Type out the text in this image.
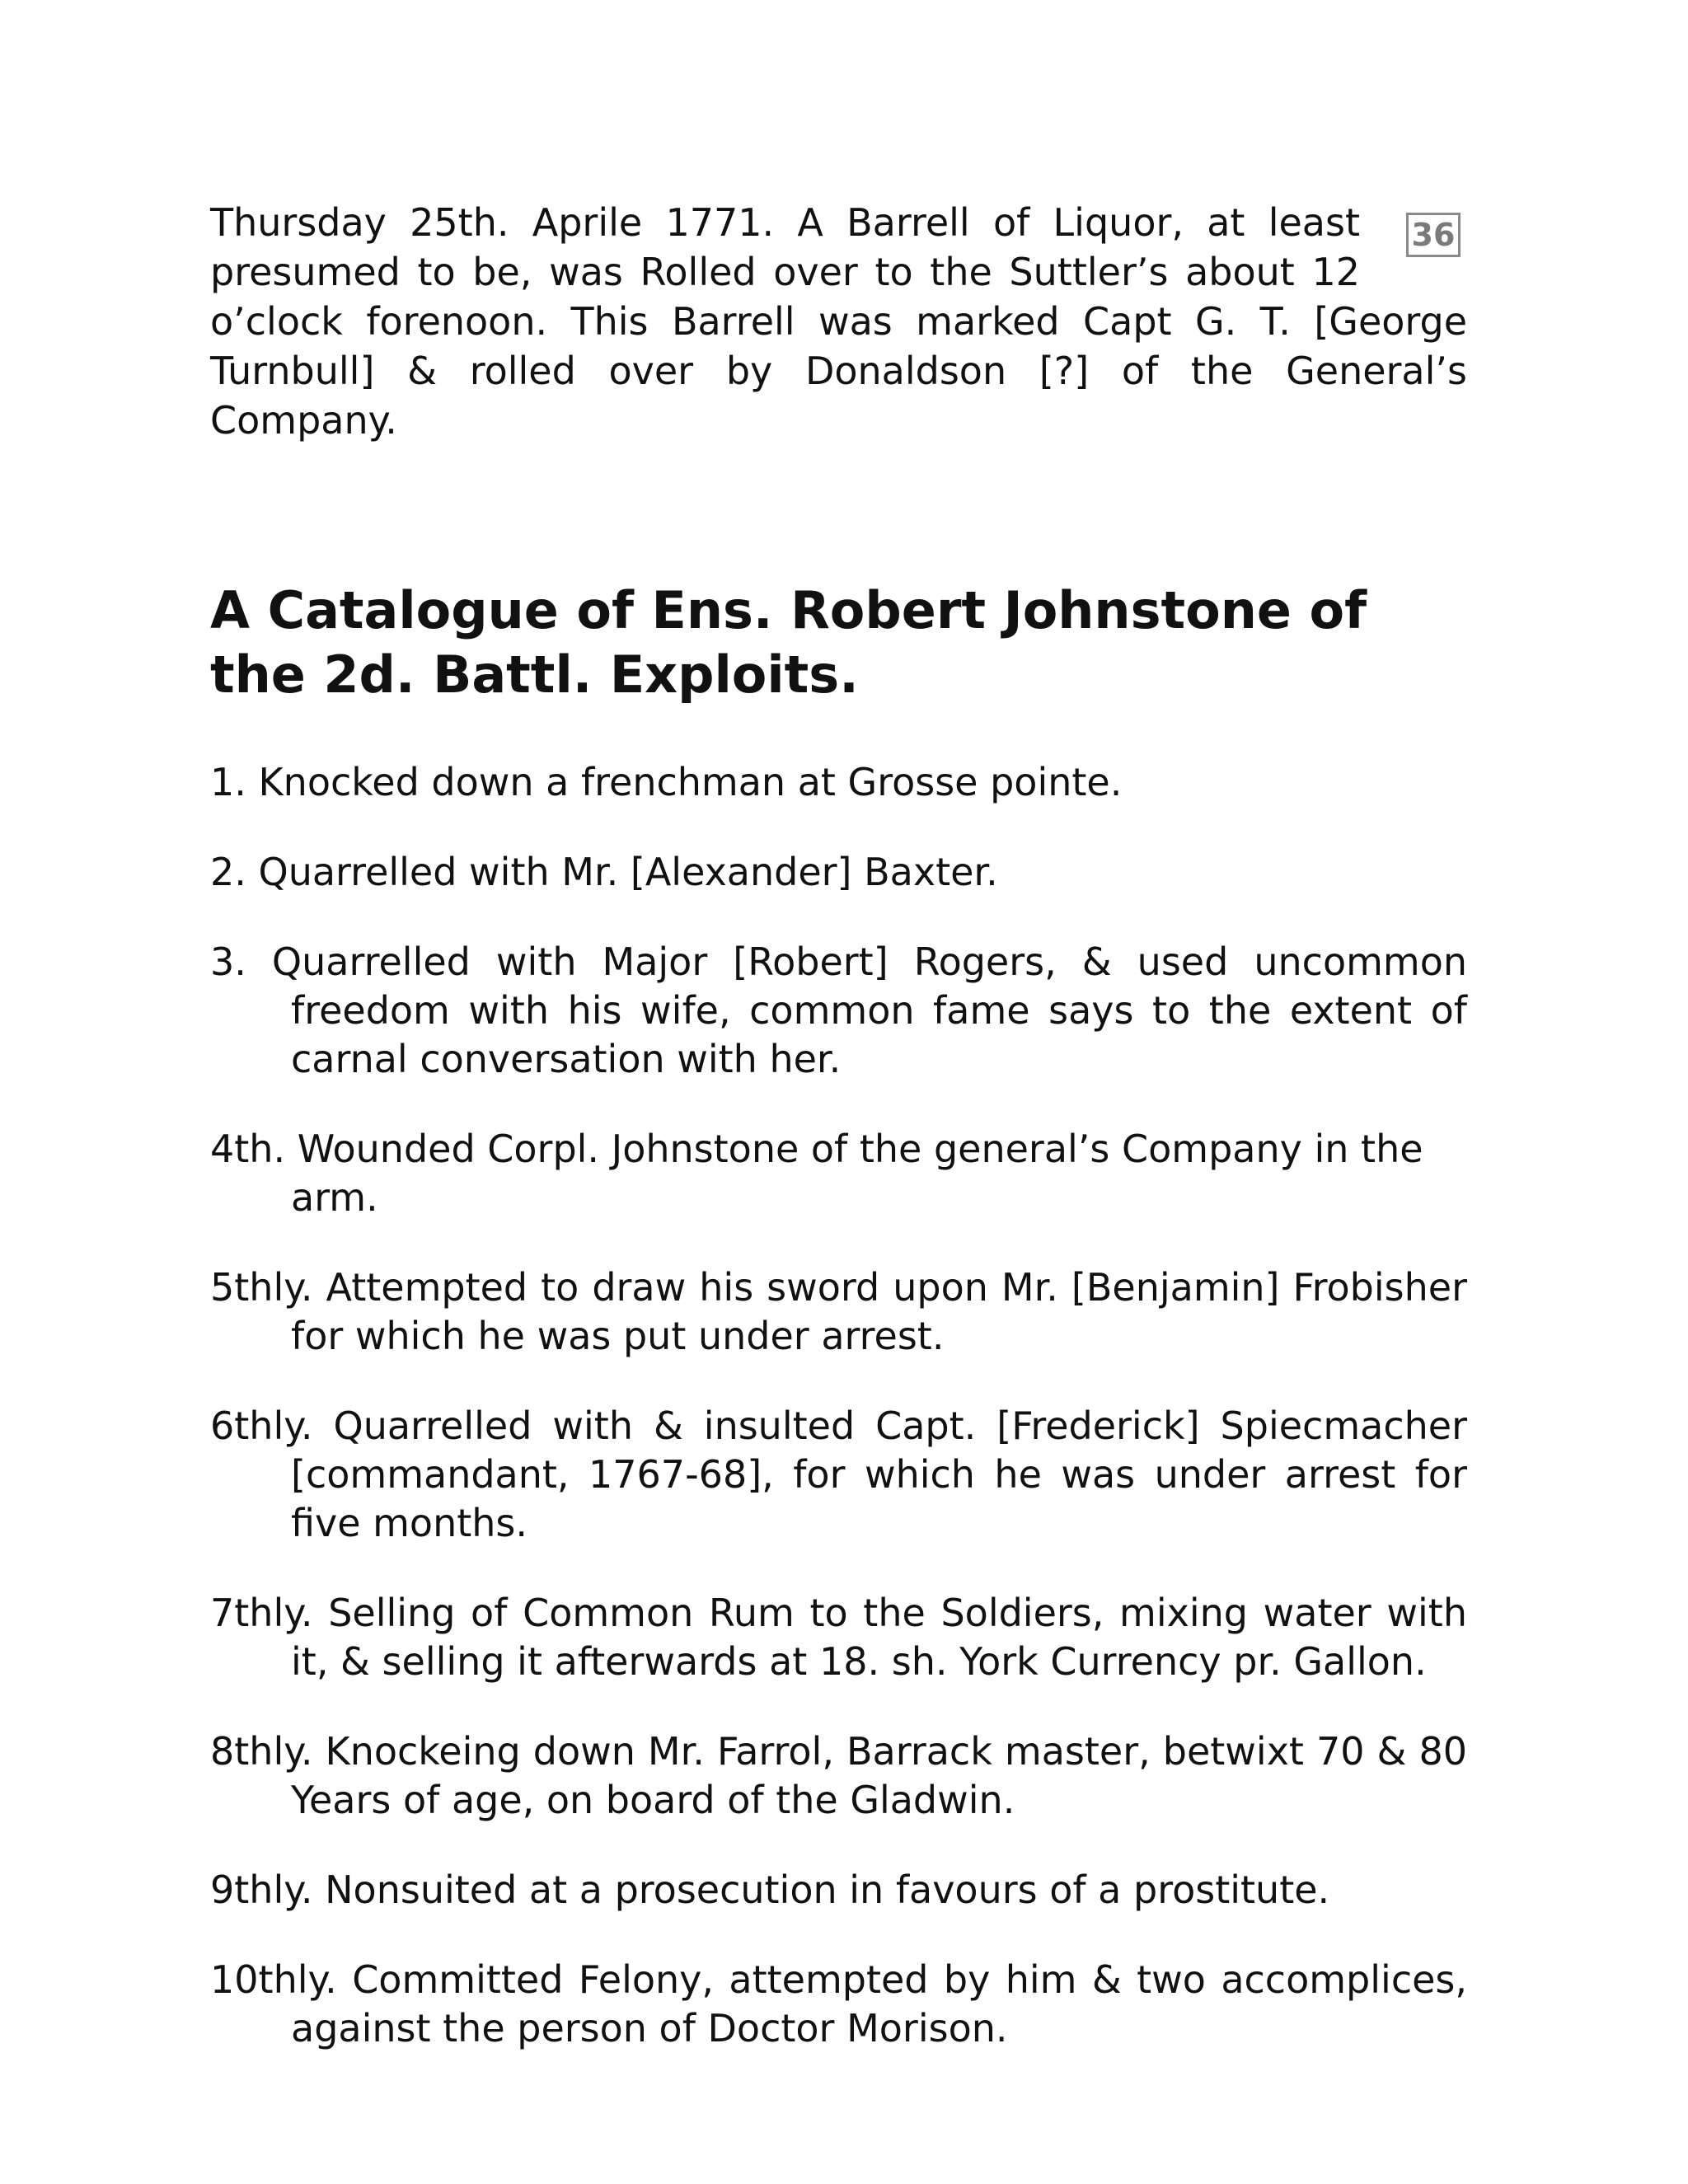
36

Thursday 25th. Aprile 1771. A Barrell of Liquor, at least
presumed to be, was Rolled over to the Suttler’s about 12
o’clock forenoon. This Barrell was marked Capt G. T. [George
Turnbull] & rolled over by Donaldson [?] of the General’s Company.

A Catalogue of Ens. Robert Johnstone of the 2d. Battl. Exploits.
1. Knocked down a frenchman at Grosse pointe.
2. Quarrelled with Mr. [Alexander] Baxter.
3. Quarrelled with Major [Robert] Rogers, & used uncommon freedom with his wife, common fame says to the extent of carnal conversation with her.
4th. Wounded Corpl. Johnstone of the general’s Company in the arm.
5thly. Attempted to draw his sword upon Mr. [Benjamin] Frobisher for which he was put under arrest.
6thly. Quarrelled with & insulted Capt. [Frederick] Spiecmacher [commandant, 1767-68], for which he was under arrest for five months.
7thly. Selling of Common Rum to the Soldiers, mixing water with it, & selling it afterwards at 18. sh. York Currency pr. Gallon.
8thly. Knockeing down Mr. Farrol, Barrack master, betwixt 70 & 80 Years of age, on board of the Gladwin.
9thly. Nonsuited at a prosecution in favours of a prostitute.
10thly. Committed Felony, attempted by him & two accomplices, against the person of Doctor Morison.
